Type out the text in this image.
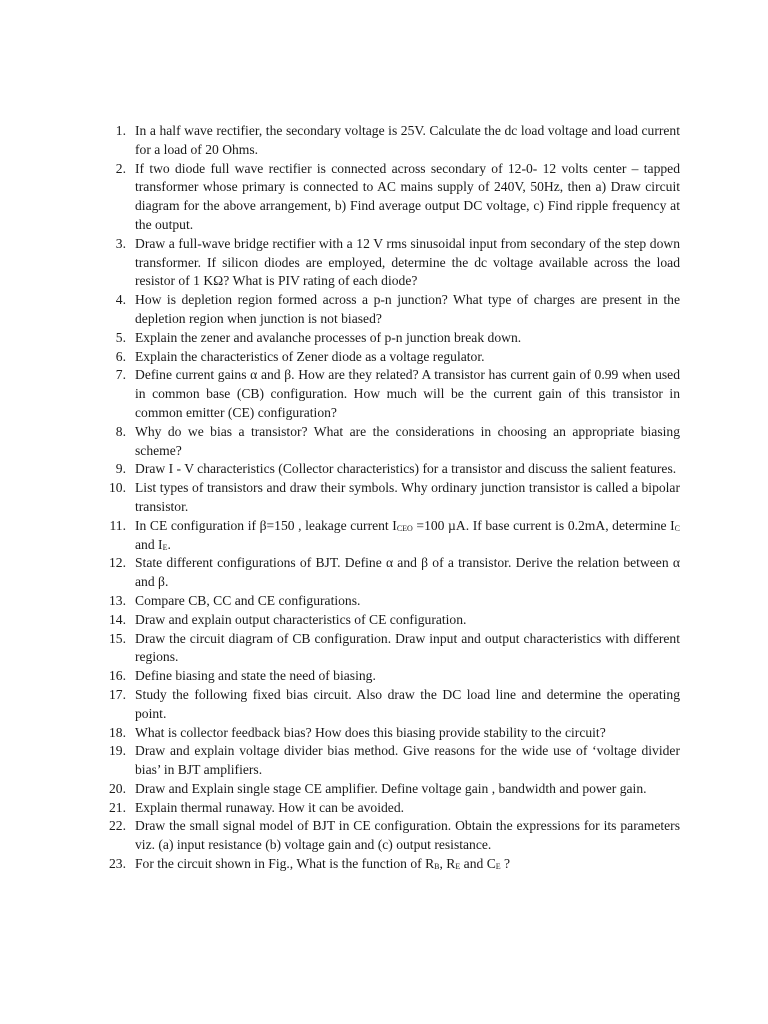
1. In a half wave rectifier, the secondary voltage is 25V. Calculate the dc load voltage and load current for a load of 20 Ohms.
2. If two diode full wave rectifier is connected across secondary of 12-0- 12 volts center – tapped transformer whose primary is connected to AC mains supply of 240V, 50Hz, then a) Draw circuit diagram for the above arrangement, b) Find average output DC voltage, c) Find ripple frequency at the output.
3. Draw a full-wave bridge rectifier with a 12 V rms sinusoidal input from secondary of the step down transformer. If silicon diodes are employed, determine the dc voltage available across the load resistor of 1 KΩ? What is PIV rating of each diode?
4. How is depletion region formed across a p-n junction? What type of charges are present in the depletion region when junction is not biased?
5. Explain the zener and avalanche processes of p-n junction break down.
6. Explain the characteristics of Zener diode as a voltage regulator.
7. Define current gains α and β. How are they related? A transistor has current gain of 0.99 when used in common base (CB) configuration. How much will be the current gain of this transistor in common emitter (CE) configuration?
8. Why do we bias a transistor? What are the considerations in choosing an appropriate biasing scheme?
9. Draw I - V characteristics (Collector characteristics) for a transistor and discuss the salient features.
10. List types of transistors and draw their symbols. Why ordinary junction transistor is called a bipolar transistor.
11. In CE configuration if β=150 , leakage current $I_{CEO} =100$ µA. If base current is 0.2mA, determine $I_C$ and $I_E$.
12. State different configurations of BJT. Define α and β of a transistor. Derive the relation between α and β.
13. Compare CB, CC and CE configurations.
14. Draw and explain output characteristics of CE configuration.
15. Draw the circuit diagram of CB configuration. Draw input and output characteristics with different regions.
16. Define biasing and state the need of biasing.
17. Study the following fixed bias circuit. Also draw the DC load line and determine the operating point.
18. What is collector feedback bias? How does this biasing provide stability to the circuit?
19. Draw and explain voltage divider bias method. Give reasons for the wide use of ‘voltage divider bias’ in BJT amplifiers.
20. Draw and Explain single stage CE amplifier. Define voltage gain , bandwidth and power gain.
21. Explain thermal runaway. How it can be avoided.
22. Draw the small signal model of BJT in CE configuration. Obtain the expressions for its parameters viz. (a) input resistance (b) voltage gain and (c) output resistance.
23. For the circuit shown in Fig., What is the function of $R_B$, $R_E$ and $C_E$ ?
